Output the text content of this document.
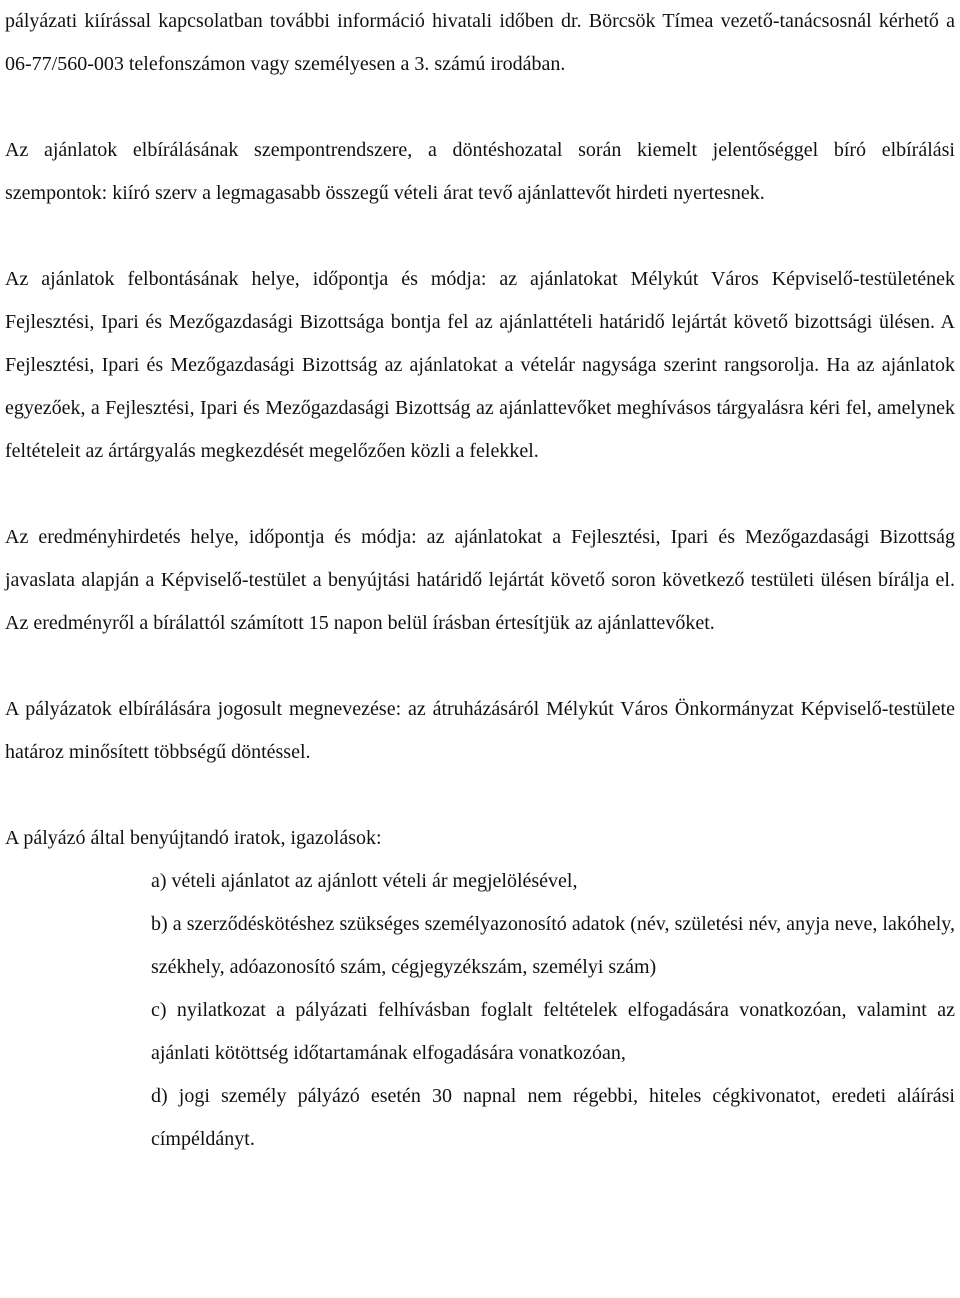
pályázati kiírással kapcsolatban további információ hivatali időben dr. Börcsök Tímea vezető-tanácsosnál kérhető a 06-77/560-003 telefonszámon vagy személyesen a 3. számú irodában.

Az ajánlatok elbírálásának szempontrendszere, a döntéshozatal során kiemelt jelentőséggel bíró elbírálási szempontok: kiíró szerv a legmagasabb összegű vételi árat tevő ajánlattevőt hirdeti nyertesnek.

Az ajánlatok felbontásának helye, időpontja és módja: az ajánlatokat Mélykút Város Képviselő-testületének Fejlesztési, Ipari és Mezőgazdasági Bizottsága bontja fel az ajánlattételi határidő lejártát követő bizottsági ülésen. A Fejlesztési, Ipari és Mezőgazdasági Bizottság az ajánlatokat a vételár nagysága szerint rangsorolja. Ha az ajánlatok egyezőek, a Fejlesztési, Ipari és Mezőgazdasági Bizottság az ajánlattevőket meghívásos tárgyalásra kéri fel, amelynek feltételeit az ártárgyalás megkezdését megelőzően közli a felekkel.

Az eredményhirdetés helye, időpontja és módja: az ajánlatokat a Fejlesztési, Ipari és Mezőgazdasági Bizottság javaslata alapján a Képviselő-testület a benyújtási határidő lejártát követő soron következő testületi ülésen bírálja el. Az eredményről a bírálattól számított 15 napon belül írásban értesítjük az ajánlattevőket.

A pályázatok elbírálására jogosult megnevezése: az átruházásáról Mélykút Város Önkormányzat Képviselő-testülete határoz minősített többségű döntéssel.

A pályázó által benyújtandó iratok, igazolások:

a) vételi ajánlatot az ajánlott vételi ár megjelölésével,
b) a szerződéskötéshez szükséges személyazonosító adatok (név, születési név, anyja neve, lakóhely, székhely, adóazonosító szám, cégjegyzékszám, személyi szám)
c) nyilatkozat a pályázati felhívásban foglalt feltételek elfogadására vonatkozóan, valamint az ajánlati kötöttség időtartamának elfogadására vonatkozóan,
d) jogi személy pályázó esetén 30 napnal nem régebbi, hiteles cégkivonatot, eredeti aláírási címpéldányt.
